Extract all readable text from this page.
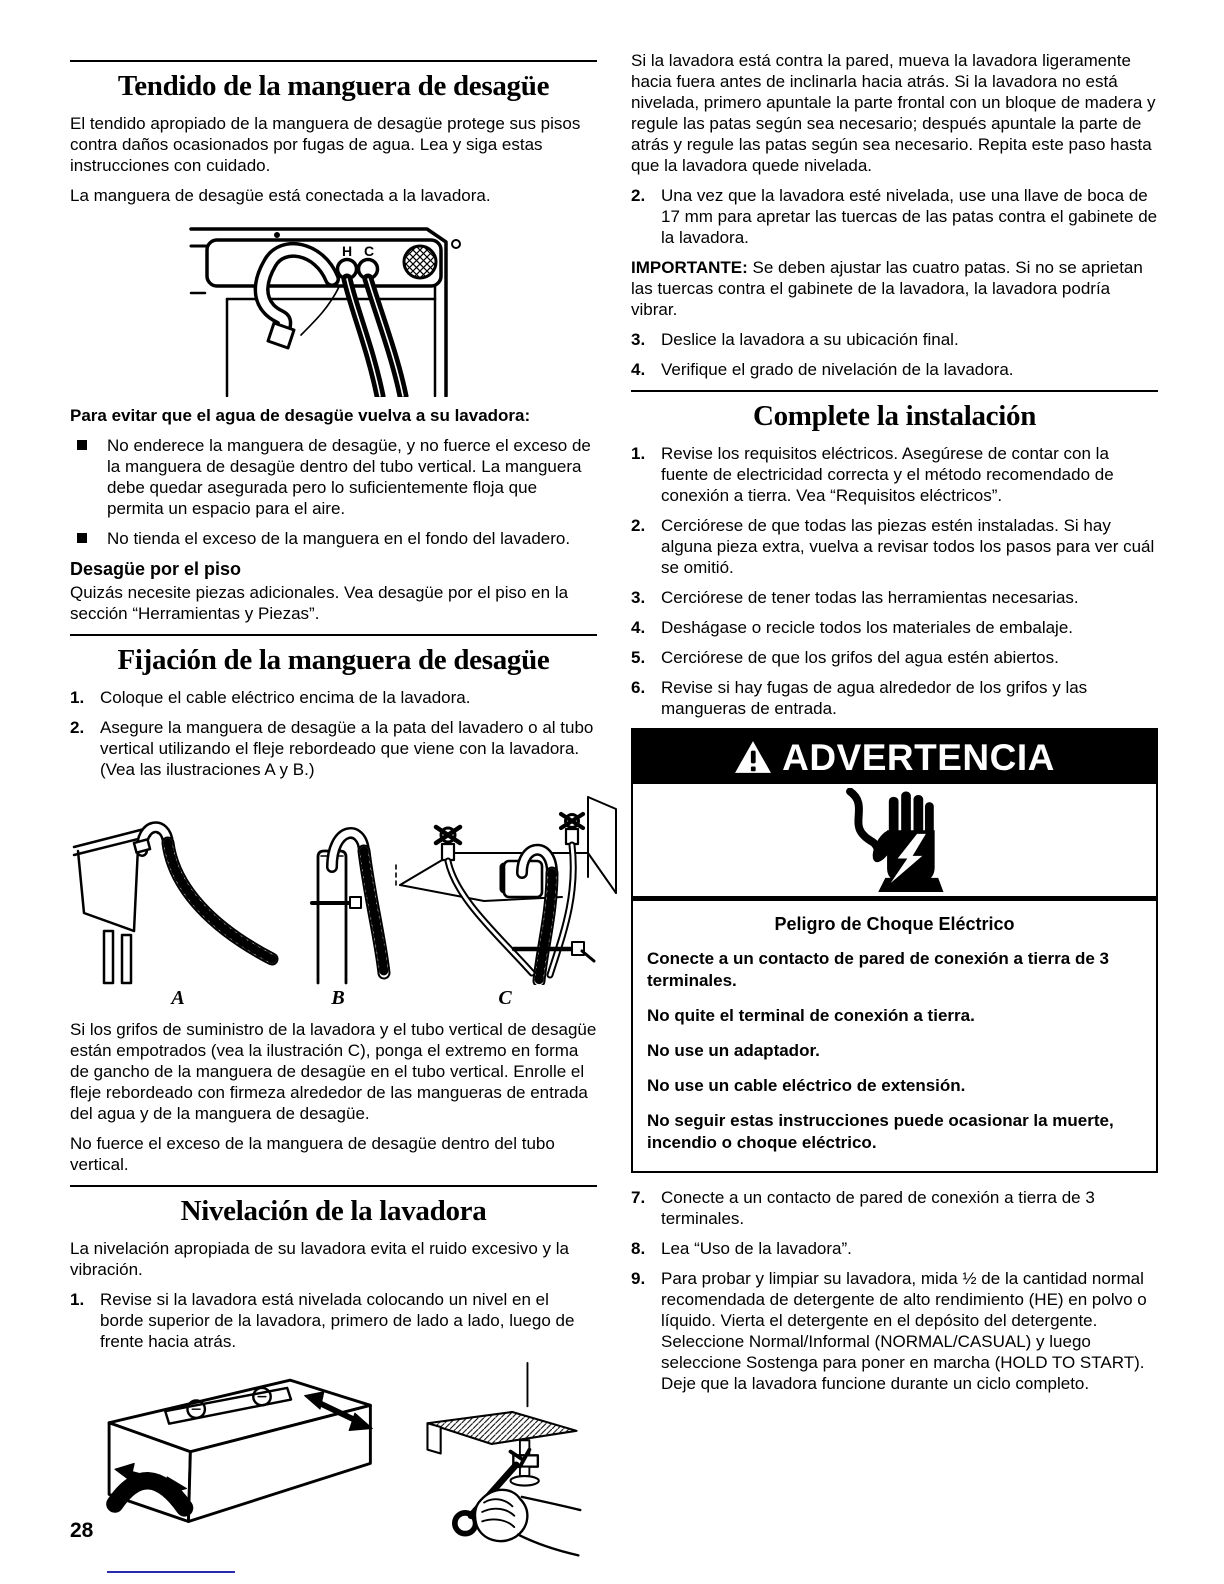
Tendido de la manguera de desagüe

El tendido apropiado de la manguera de desagüe protege sus pisos contra daños ocasionados por fugas de agua. Lea y siga estas instrucciones con cuidado.

La manguera de desagüe está conectada a la lavadora.

H C

Para evitar que el agua de desagüe vuelva a su lavadora:

No enderece la manguera de desagüe, y no fuerce el exceso de la manguera de desagüe dentro del tubo vertical. La manguera debe quedar asegurada pero lo suficientemente floja que permita un espacio para el aire.
No tienda el exceso de la manguera en el fondo del lavadero.
Desagüe por el piso

Quizás necesite piezas adicionales. Vea desagüe por el piso en la sección “Herramientas y Piezas”.

Fijación de la manguera de desagüe
1. Coloque el cable eléctrico encima de la lavadora.
2. Asegure la manguera de desagüe a la pata del lavadero o al tubo vertical utilizando el fleje rebordeado que viene con la lavadora. (Vea las ilustraciones A y B.)
A	B	C

Si los grifos de suministro de la lavadora y el tubo vertical de desagüe están empotrados (vea la ilustración C), ponga el extremo en forma de gancho de la manguera de desagüe en el tubo vertical. Enrolle el fleje rebordeado con firmeza alrededor de las mangueras de entrada del agua y de la manguera de desagüe.

No fuerce el exceso de la manguera de desagüe dentro del tubo vertical.

Nivelación de la lavadora

La nivelación apropiada de su lavadora evita el ruido excesivo y la vibración.

1. Revise si la lavadora está nivelada colocando un nivel en el borde superior de la lavadora, primero de lado a lado, luego de frente hacia atrás.

Si la lavadora está contra la pared, mueva la lavadora ligeramente hacia fuera antes de inclinarla hacia atrás. Si la lavadora no está nivelada, primero apuntale la parte frontal con un bloque de madera y regule las patas según sea necesario; después apuntale la parte de atrás y regule las patas según sea necesario. Repita este paso hasta que la lavadora quede nivelada.

2. Una vez que la lavadora esté nivelada, use una llave de boca de 17 mm para apretar las tuercas de las patas contra el gabinete de la lavadora.

IMPORTANTE: Se deben ajustar las cuatro patas. Si no se aprietan las tuercas contra el gabinete de la lavadora, la lavadora podría vibrar.

3. Deslice la lavadora a su ubicación final.
4. Verifique el grado de nivelación de la lavadora.
Complete la instalación
1. Revise los requisitos eléctricos. Asegúrese de contar con la fuente de electricidad correcta y el método recomendado de conexión a tierra. Vea “Requisitos eléctricos”.
2. Cerciórese de que todas las piezas estén instaladas. Si hay alguna pieza extra, vuelva a revisar todos los pasos para ver cuál se omitió.
3. Cerciórese de tener todas las herramientas necesarias.
4. Deshágase o recicle todos los materiales de embalaje.
5. Cerciórese de que los grifos del agua estén abiertos.
6. Revise si hay fugas de agua alrededor de los grifos y las mangueras de entrada.
ADVERTENCIA

Peligro de Choque Eléctrico

Conecte a un contacto de pared de conexión a tierra de 3 terminales.

No quite el terminal de conexión a tierra.

No use un adaptador.

No use un cable eléctrico de extensión.

No seguir estas instrucciones puede ocasionar la muerte, incendio o choque eléctrico.

7. Conecte a un contacto de pared de conexión a tierra de 3 terminales.
8. Lea “Uso de la lavadora”.
9. Para probar y limpiar su lavadora, mida ½ de la cantidad normal recomendada de detergente de alto rendimiento (HE) en polvo o líquido. Vierta el detergente en el depósito del detergente. Seleccione Normal/Informal (NORMAL/CASUAL) y luego seleccione Sostenga para poner en marcha (HOLD TO START). Deje que la lavadora funcione durante un ciclo completo.
28
